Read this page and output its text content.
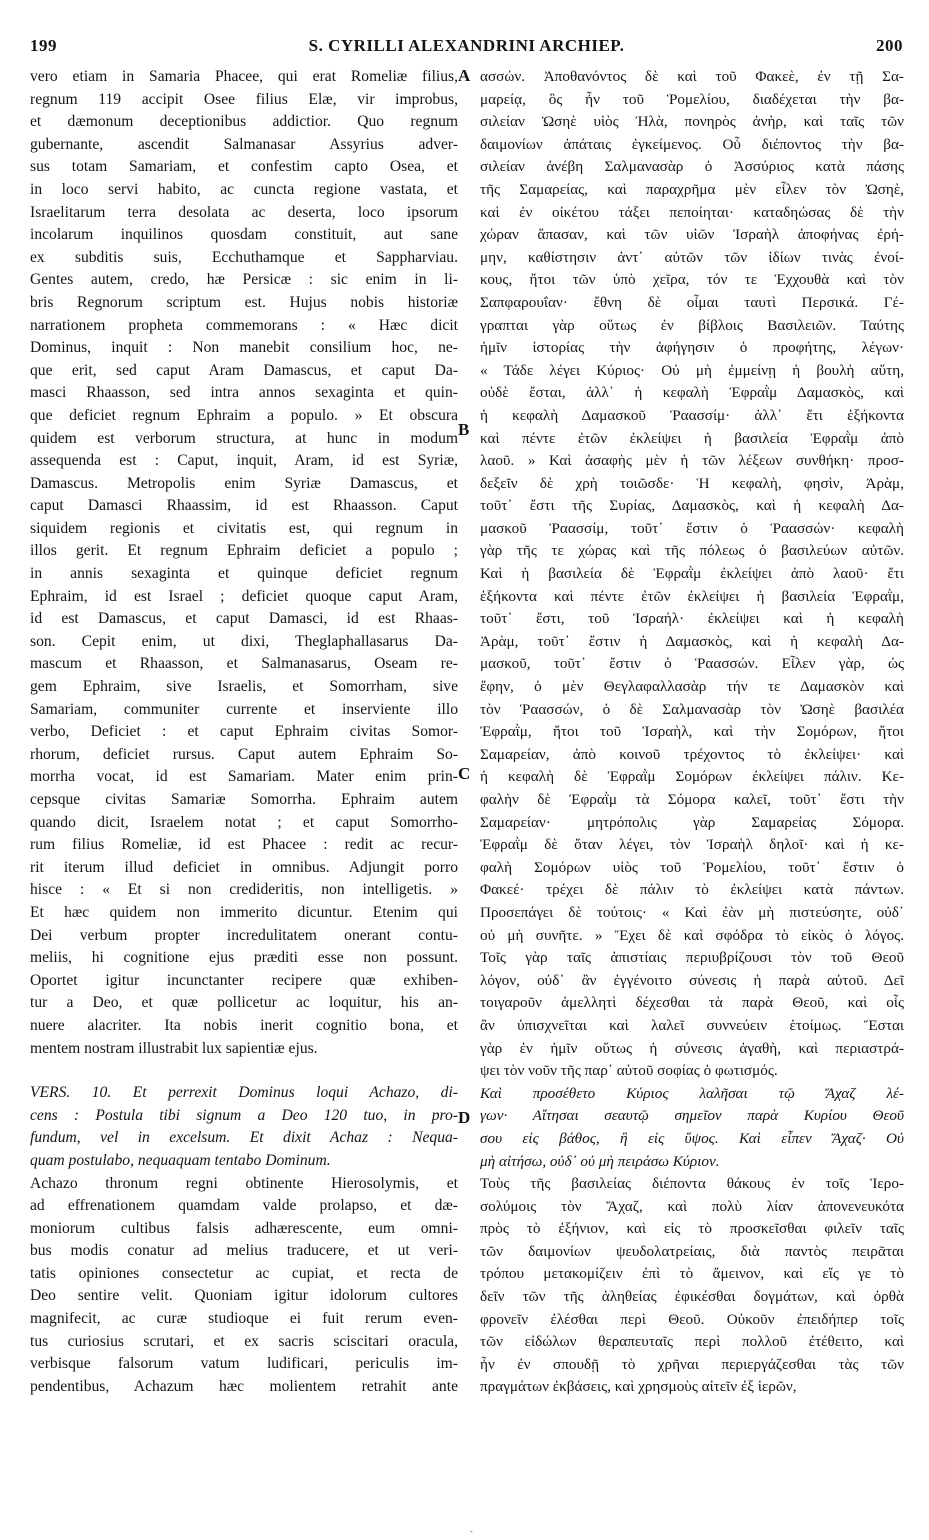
199	S. CYRILLI ALEXANDRINI ARCHIEP.	200
vero etiam in Samaria Phacee, qui erat Romeliæ filius,
regnum 119 accipit Osee filius Elæ, vir improbus,
et dæmonum deceptionibus addictior. Quo regnum
gubernante, ascendit Salmanasar Assyrius adver-
sus totam Samariam, et confestim capto Osea, et
in loco servi habito, ac cuncta regione vastata, et
Israelitarum terra desolata ac deserta, loco ipsorum
incolarum inquilinos quosdam constituit, aut sane
ex subditis suis, Ecchuthamque et Sappharviau.
Gentes autem, credo, hæ Persicæ : sic enim in li-
bris Regnorum scriptum est. Hujus nobis historiæ
narrationem propheta commemorans : « Hæc dicit
Dominus, inquit : Non manebit consilium hoc, ne-
que erit, sed caput Aram Damascus, et caput Da-
masci Rhaasson, sed intra annos sexaginta et quin-
que deficiet regnum Ephraim a populo. » Et obscura
quidem est verborum structura, at hunc in modum
assequenda est : Caput, inquit, Aram, id est Syriæ,
Damascus. Metropolis enim Syriæ Damascus, et
caput Damasci Rhaassim, id est Rhaasson. Caput
siquidem regionis et civitatis est, qui regnum in
illos gerit. Et regnum Ephraim deficiet a populo ;
in annis sexaginta et quinque deficiet regnum
Ephraim, id est Israel ; deficiet quoque caput Aram,
id est Damascus, et caput Damasci, id est Rhaas-
son. Cepit enim, ut dixi, Theglaphallasarus Da-
mascum et Rhaasson, et Salmanasarus, Oseam re-
gem Ephraim, sive Israelis, et Somorrham, sive
Samariam, communiter currente et inserviente illo
verbo, Deficiet : et caput Ephraim civitas Somor-
rhorum, deficiet rursus. Caput autem Ephraim So-
morrha vocat, id est Samariam. Mater enim prin-
cepsque civitas Samariæ Somorrha. Ephraim autem
quando dicit, Israelem notat ; et caput Somorrho-
rum filius Romeliæ, id est Phacee : redit ac recur-
rit iterum illud deficiet in omnibus. Adjungit porro
hisce : « Et si non credideritis, non intelligetis. »
Et hæc quidem non immerito dicuntur. Etenim qui
Dei verbum propter incredulitatem onerant contu-
meliis, hi cognitione ejus præditi esse non possunt.
Oportet igitur incunctanter recipere quæ exhiben-
tur a Deo, et quæ pollicetur ac loquitur, his an-
nuere alacriter. Ita nobis inerit cognitio bona, et
mentem nostram illustrabit lux sapientiæ ejus.
VERS. 10. Et perrexit Dominus loqui Achazo, di-
cens : Postula tibi signum a Deo 120 tuo, in pro-
fundum, vel in excelsum. Et dixit Achaz : Nequa-
quam postulabo, nequaquam tentabo Dominum.
Achazo thronum regni obtinente Hierosolymis, et
ad effrenationem quamdam valde prolapso, et dæ-
moniorum cultibus falsis adhærescente, eum omni-
bus modis conatur ad melius traducere, et ut veri-
tatis opiniones consectetur ac cupiat, et recta de
Deo sentire velit. Quoniam igitur idolorum cultores
magnifecit, ac curæ studioque ei fuit rerum even-
tus curiosius scrutari, et ex sacris sciscitari oracula,
verbisque falsorum vatum ludificari, periculis im-
pendentibus, Achazum hæc molientem retrahit ante
ασσών. Ἀποθανόντος δὲ καὶ τοῦ Φακεὲ, ἐν τῇ Σα-
μαρείᾳ, ὃς ἦν τοῦ Ῥομελίου, διαδέχεται τὴν βα-
σιλείαν Ὠσηὲ υἱὸς Ἠλὰ, πονηρὸς ἀνὴρ, καὶ ταῖς τῶν
δαιμονίων ἀπάταις ἐγκείμενος. Οὗ διέποντος τὴν βα-
σιλείαν ἀνέβη Σαλμανασὰρ ὁ Ἀσσύριος κατὰ πάσης
τῆς Σαμαρείας, καὶ παραχρῆμα μὲν εἷλεν τὸν Ὠσηὲ,
καὶ ἐν οἰκέτου τάξει πεποίηται· καταδηώσας δὲ τὴν
χώραν ἅπασαν, καὶ τῶν υἱῶν Ἰσραὴλ ἀποφήνας ἐρή-
μην, καθίστησιν ἀντ᾽ αὐτῶν τῶν ἰδίων τινὰς ἐνοί-
κους, ἤτοι τῶν ὑπὸ χεῖρα, τόν τε Ἐχχουθὰ καὶ τὸν
Σαπφαρουΐαν· ἔθνη δὲ οἶμαι ταυτὶ Περσικά. Γέ-
γραπται γὰρ οὕτως ἐν βίβλοις Βασιλειῶν. Ταύτης
ἡμῖν ἱστορίας τὴν ἀφήγησιν ὁ προφήτης, λέγων·
« Τάδε λέγει Κύριος· Οὐ μὴ ἐμμείνῃ ἡ βουλὴ αὕτη,
οὐδὲ ἔσται, ἀλλ᾽ ἡ κεφαλὴ Ἐφραῒμ Δαμασκὸς, καὶ
ἡ κεφαλὴ Δαμασκοῦ Ῥαασσίμ· ἀλλ᾽ ἔτι ἑξήκοντα
καὶ πέντε ἐτῶν ἐκλείψει ἡ βασιλεία Ἐφραῒμ ἀπὸ
λαοῦ. » Καὶ ἀσαφὴς μὲν ἡ τῶν λέξεων συνθήκη· προσ-
δεξεῖν δὲ χρὴ τοιῶσδε· Ἡ κεφαλὴ, φησὶν, Ἀρὰμ,
τοῦτ᾽ ἔστι τῆς Συρίας, Δαμασκὸς, καὶ ἡ κεφαλὴ Δα-
μασκοῦ Ῥαασσίμ, τοῦτ᾽ ἔστιν ὁ Ῥαασσών· κεφαλὴ
γὰρ τῆς τε χώρας καὶ τῆς πόλεως ὁ βασιλεύων αὐτῶν.
Καὶ ἡ βασιλεία δὲ Ἐφραῒμ ἐκλείψει ἀπὸ λαοῦ· ἔτι
ἑξήκοντα καὶ πέντε ἐτῶν ἐκλείψει ἡ βασιλεία Ἐφραῒμ,
τοῦτ᾽ ἔστι, τοῦ Ἰσραήλ· ἐκλείψει καὶ ἡ κεφαλὴ
Ἀρὰμ, τοῦτ᾽ ἔστιν ἡ Δαμασκὸς, καὶ ἡ κεφαλὴ Δα-
μασκοῦ, τοῦτ᾽ ἔστιν ὁ Ῥαασσών. Εἷλεν γὰρ, ὡς
ἔφην, ὁ μὲν Θεγλαφαλλασὰρ τήν τε Δαμασκὸν καὶ
τὸν Ῥαασσών, ὁ δὲ Σαλμανασὰρ τὸν Ὠσηὲ βασιλέα
Ἐφραῒμ, ἤτοι τοῦ Ἰσραὴλ, καὶ τὴν Σομόρων, ἤτοι
Σαμαρείαν, ἀπὸ κοινοῦ τρέχοντος τὸ ἐκλείψει· καὶ
ἡ κεφαλὴ δὲ Ἐφραῒμ Σομόρων ἐκλείψει πάλιν. Κε-
φαλὴν δὲ Ἐφραῒμ τὰ Σόμορα καλεῖ, τοῦτ᾽ ἔστι τὴν
Σαμαρείαν· μητρόπολις γὰρ Σαμαρείας Σόμορα.
Ἐφραῒμ δὲ ὅταν λέγει, τὸν Ἰσραὴλ δηλοῖ· καὶ ἡ κε-
φαλὴ Σομόρων υἱὸς τοῦ Ῥομελίου, τοῦτ᾽ ἔστιν ὁ
Φακεέ· τρέχει δὲ πάλιν τὸ ἐκλείψει κατὰ πάντων.
Προσεπάγει δὲ τούτοις· « Καὶ ἐὰν μὴ πιστεύσητε, οὐδ᾽
οὐ μὴ συνῆτε. » Ἔχει δὲ καὶ σφόδρα τὸ εἰκὸς ὁ λόγος.
Τοῖς γὰρ ταῖς ἀπιστίαις περιυβρίζουσι τὸν τοῦ Θεοῦ
λόγον, οὐδ᾽ ἂν ἐγγένοιτο σύνεσις ἡ παρὰ αὐτοῦ. Δεῖ
τοιγαροῦν ἀμελλητὶ δέχεσθαι τὰ παρὰ Θεοῦ, καὶ οἷς
ἂν ὑπισχνεῖται καὶ λαλεῖ συννεύειν ἑτοίμως. Ἔσται
γὰρ ἐν ἡμῖν οὕτως ἡ σύνεσις ἀγαθὴ, καὶ περιαστρά-
ψει τὸν νοῦν τῆς παρ᾽ αὐτοῦ σοφίας ὁ φωτισμός.
Καὶ προσέθετο Κύριος λαλῆσαι τῷ Ἄχαζ λέ-
γων· Αἴτησαι σεαυτῷ σημεῖον παρὰ Κυρίου Θεοῦ
σου εἰς βάθος, ἢ εἰς ὕψος. Καὶ εἶπεν Ἄχαζ· Οὐ
μὴ αἰτήσω, οὐδ᾽ οὐ μὴ πειράσω Κύριον.
Τοὺς τῆς βασιλείας διέποντα θάκους ἐν τοῖς Ἱερο-
σολύμοις τὸν Ἄχαζ, καὶ πολὺ λίαν ἀπονενευκότα
πρὸς τὸ ἐξήνιον, καὶ εἰς τὸ προσκεῖσθαι φιλεῖν ταῖς
τῶν δαιμονίων ψευδολατρείαις, διὰ παντὸς πειρᾶται
τρόπου μετακομίζειν ἐπὶ τὸ ἄμεινον, καὶ εἴς γε τὸ
δεῖν τῶν τῆς ἀληθείας ἐφικέσθαι δογμάτων, καὶ ὀρθὰ
φρονεῖν ἐλέσθαι περὶ Θεοῦ. Οὐκοῦν ἐπειδήπερ τοῖς
τῶν εἰδώλων θεραπευταῖς περὶ πολλοῦ ἐτέθειτο, καὶ
ἦν ἐν σπουδῇ τὸ χρῆναι περιεργάζεσθαι τὰς τῶν
πραγμάτων ἐκβάσεις, καὶ χρησμοὺς αἰτεῖν ἐξ ἱερῶν,
A
B
C
D
-
